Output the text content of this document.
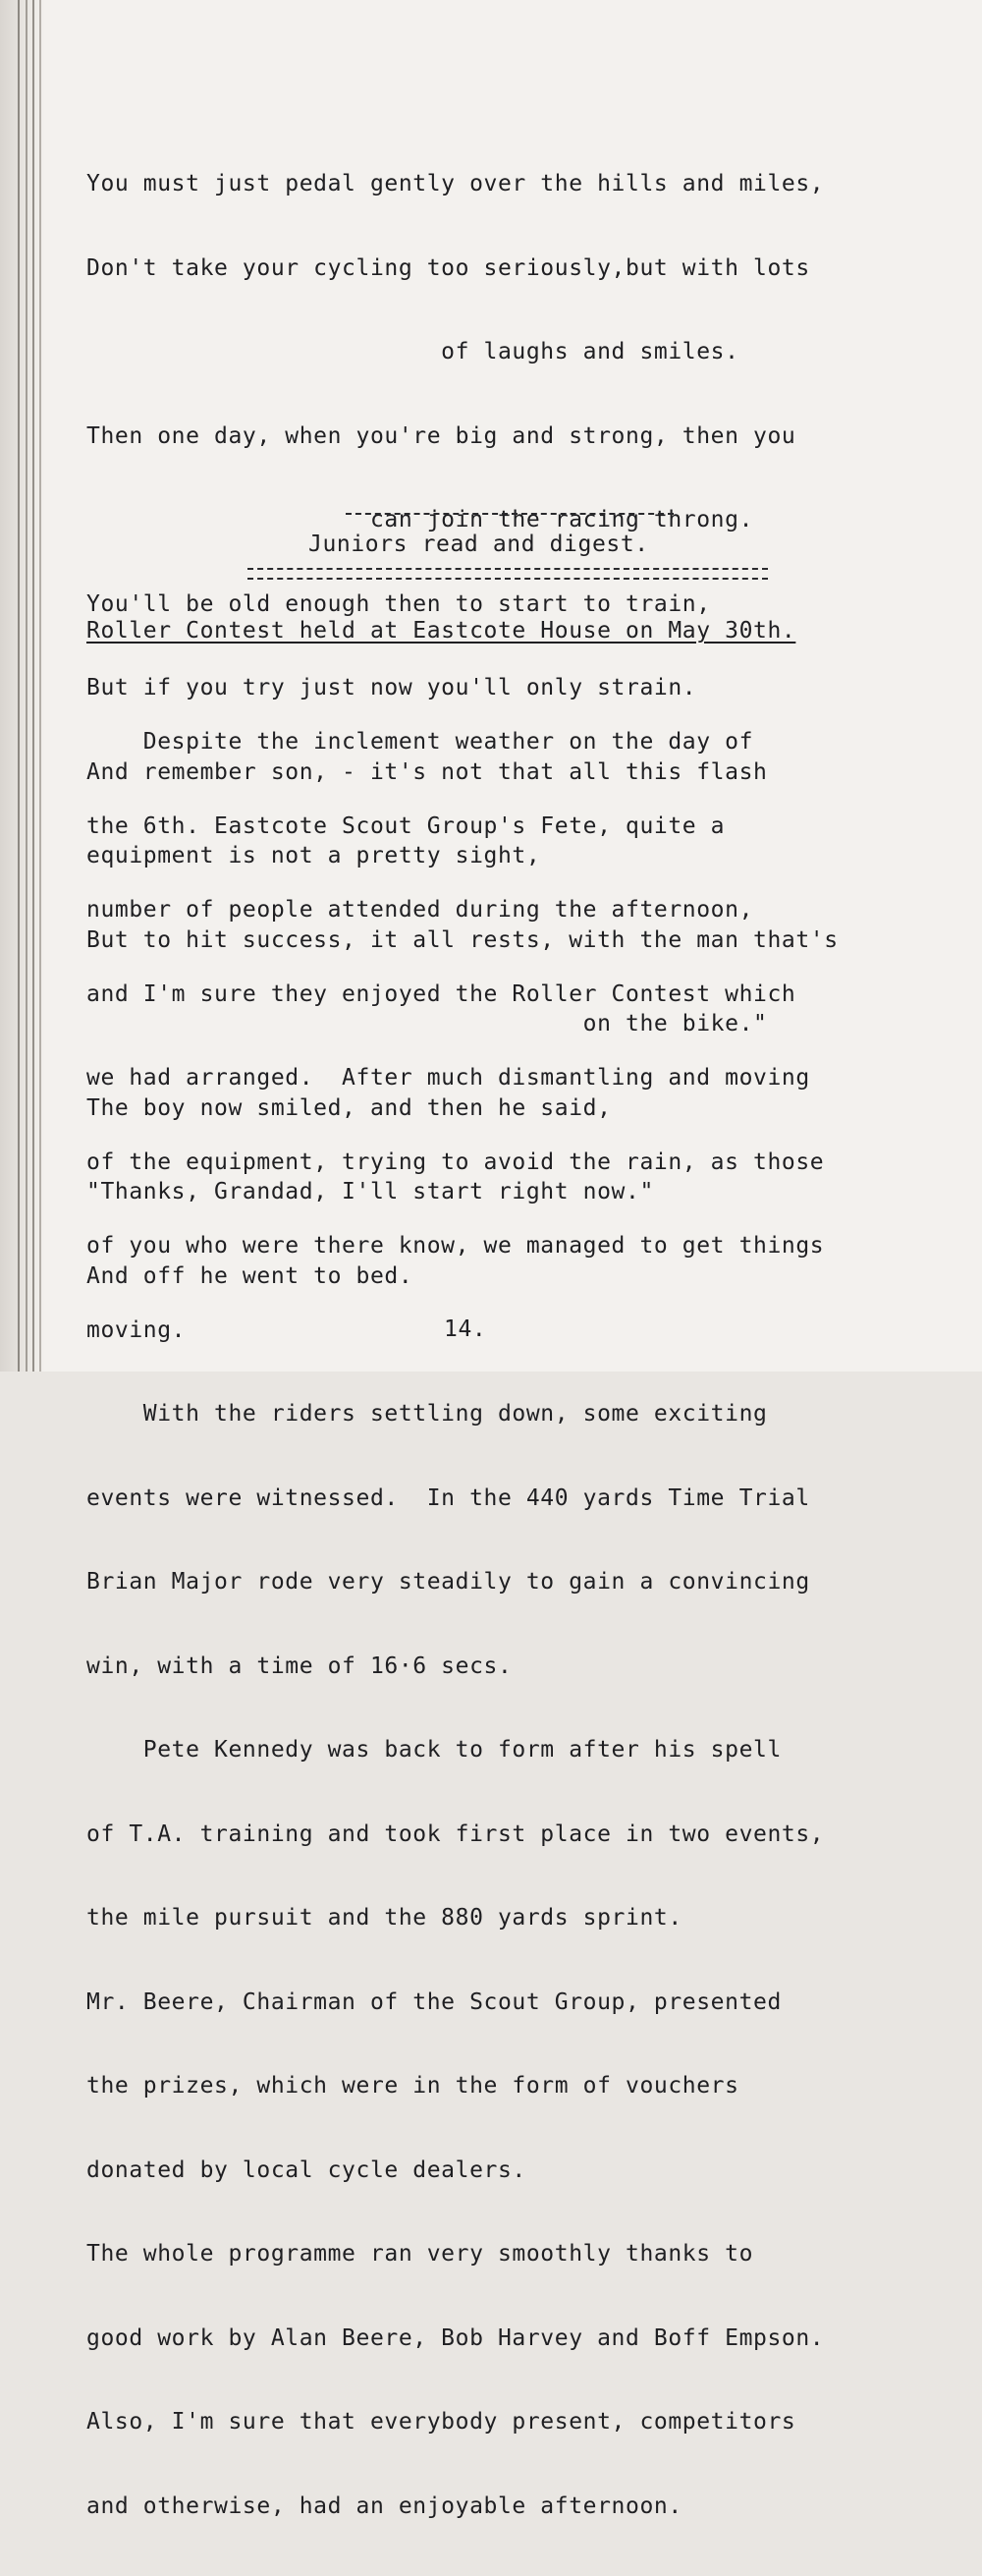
You must just pedal gently over the hills and miles,

Don't take your cycling too seriously,but with lots

of laughs and smiles.

Then one day, when you're big and strong, then you

can join the racing throng.

You'll be old enough then to start to train,

But if you try just now you'll only strain.

And remember son, - it's not that all this flash

equipment is not a pretty sight,

But to hit success, it all rests, with the man that's

on the bike."

The boy now smiled, and then he said,

"Thanks, Grandad, I'll start right now."

And off he went to bed.

Juniors read and digest.
Roller Contest held at Eastcote House on May 30th.

Despite the inclement weather on the day of

the 6th. Eastcote Scout Group's Fete, quite a

number of people attended during the afternoon,

and I'm sure they enjoyed the Roller Contest which

we had arranged.  After much dismantling and moving

of the equipment, trying to avoid the rain, as those

of you who were there know, we managed to get things

moving.

With the riders settling down, some exciting

events were witnessed.  In the 440 yards Time Trial

Brian Major rode very steadily to gain a convincing

win, with a time of 16·6 secs.

Pete Kennedy was back to form after his spell

of T.A. training and took first place in two events,

the mile pursuit and the 880 yards sprint.

Mr. Beere, Chairman of the Scout Group, presented

the prizes, which were in the form of vouchers

donated by local cycle dealers.

The whole programme ran very smoothly thanks to

good work by Alan Beere, Bob Harvey and Boff Empson.

Also, I'm sure that everybody present, competitors

and otherwise, had an enjoyable afternoon.

14.
